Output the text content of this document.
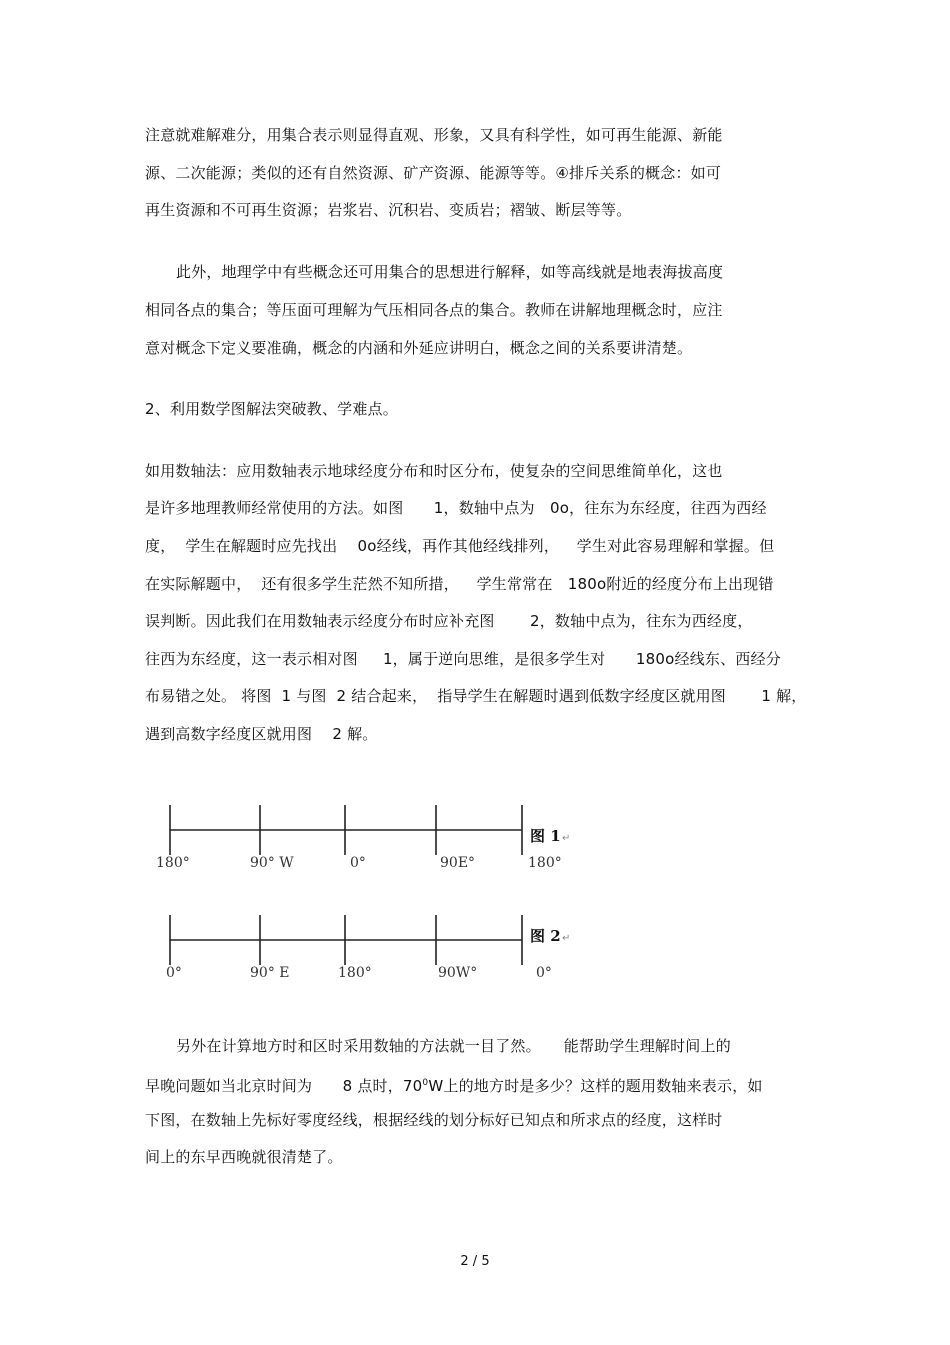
注意就难解难分，用集合表示则显得直观、形象，又具有科学性，如可再生能源、新能
源、二次能源；类似的还有自然资源、矿产资源、能源等等。④排斥关系的概念：如可
再生资源和不可再生资源；岩浆岩、沉积岩、变质岩；褶皱、断层等等。
此外，地理学中有些概念还可用集合的思想进行解释，如等高线就是地表海拔高度
相同各点的集合；等压面可理解为气压相同各点的集合。教师在讲解地理概念时，应注
意对概念下定义要准确，概念的内涵和外延应讲明白，概念之间的关系要讲清楚。
2、利用数学图解法突破教、学难点。
如用数轴法：应用数轴表示地球经度分布和时区分布，使复杂的空间思维简单化，这也
是许多地理教师经常使用的方法。如图　　1，数轴中点为　0o，往东为东经度，往西为西经
度，  学生在解题时应先找出　 0o经线，再作其他经线排列，　  学生对此容易理解和掌握。但
在实际解题中，  还有很多学生茫然不知所措，　  学生常常在　180o附近的经度分布上出现错
误判断。因此我们在用数轴表示经度分布时应补充图　　 2，数轴中点为，往东为西经度，
往西为东经度，这一表示相对图　  1，属于逆向思维，是很多学生对　　180o经线东、西经分
布易错之处。 将图  1 与图  2 结合起来，  指导学生在解题时遇到低数字经度区就用图　　 1 解，
遇到高数字经度区就用图　 2 解。
图 1 ↵
180°	90° W	0°	90E°	180°
图 2 ↵
0°	90° E	180°	90W°	0°
另外在计算地方时和区时采用数轴的方法就一目了然。　　能帮助学生理解时间上的
早晚问题如当北京时间为　　8 点时，$70^0W$上的地方时是多少？这样的题用数轴来表示，如
下图，在数轴上先标好零度经线，根据经线的划分标好已知点和所求点的经度，这样时
间上的东早西晚就很清楚了。
2 / 5
